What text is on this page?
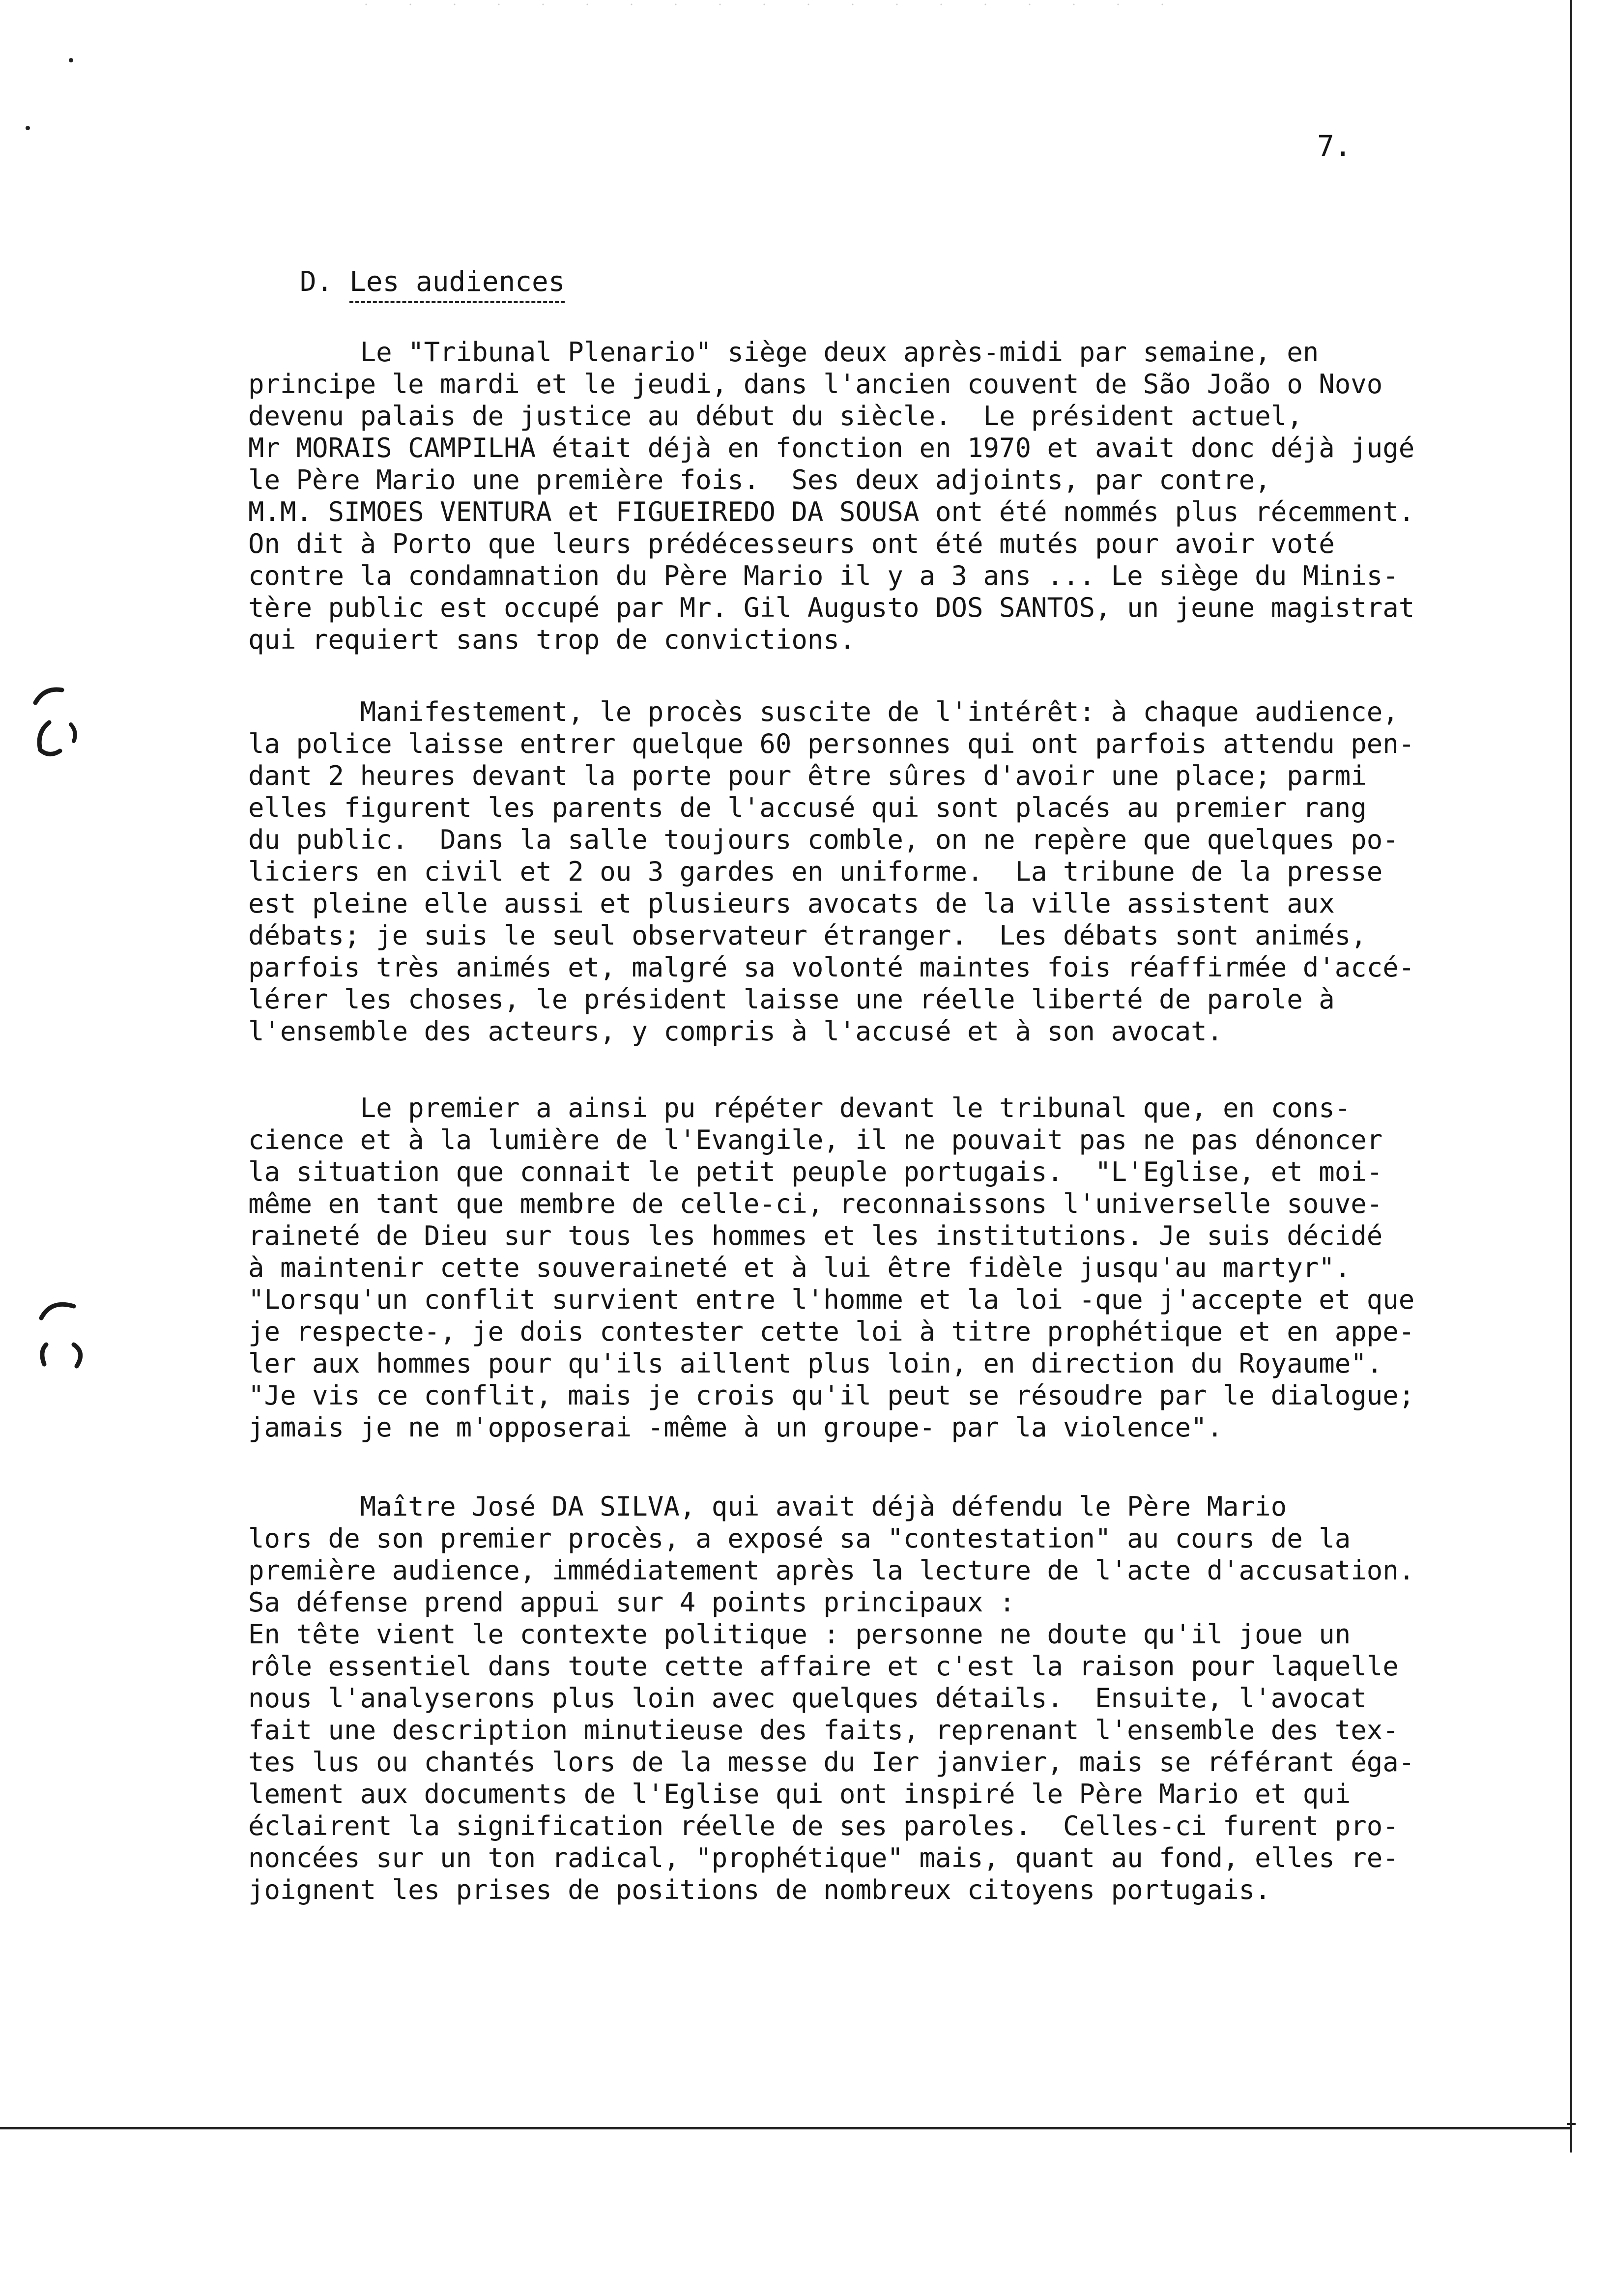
7.
D. Les audiences
Le "Tribunal Plenario" siège deux après-midi par semaine, en
principe le mardi et le jeudi, dans l'ancien couvent de São João o Novo
devenu palais de justice au début du siècle.  Le président actuel,
Mr MORAIS CAMPILHA était déjà en fonction en 1970 et avait donc déjà jugé
le Père Mario une première fois.  Ses deux adjoints, par contre,
M.M. SIMOES VENTURA et FIGUEIREDO DA SOUSA ont été nommés plus récemment.
On dit à Porto que leurs prédécesseurs ont été mutés pour avoir voté
contre la condamnation du Père Mario il y a 3 ans ... Le siège du Minis-
tère public est occupé par Mr. Gil Augusto DOS SANTOS, un jeune magistrat
qui requiert sans trop de convictions.
Manifestement, le procès suscite de l'intérêt: à chaque audience,
la police laisse entrer quelque 60 personnes qui ont parfois attendu pen-
dant 2 heures devant la porte pour être sûres d'avoir une place; parmi
elles figurent les parents de l'accusé qui sont placés au premier rang
du public.  Dans la salle toujours comble, on ne repère que quelques po-
liciers en civil et 2 ou 3 gardes en uniforme.  La tribune de la presse
est pleine elle aussi et plusieurs avocats de la ville assistent aux
débats; je suis le seul observateur étranger.  Les débats sont animés,
parfois très animés et, malgré sa volonté maintes fois réaffirmée d'accé-
lérer les choses, le président laisse une réelle liberté de parole à
l'ensemble des acteurs, y compris à l'accusé et à son avocat.
Le premier a ainsi pu répéter devant le tribunal que, en cons-
cience et à la lumière de l'Evangile, il ne pouvait pas ne pas dénoncer
la situation que connait le petit peuple portugais.  "L'Eglise, et moi-
même en tant que membre de celle-ci, reconnaissons l'universelle souve-
raineté de Dieu sur tous les hommes et les institutions. Je suis décidé
à maintenir cette souveraineté et à lui être fidèle jusqu'au martyr".
"Lorsqu'un conflit survient entre l'homme et la loi -que j'accepte et que
je respecte-, je dois contester cette loi à titre prophétique et en appe-
ler aux hommes pour qu'ils aillent plus loin, en direction du Royaume".
"Je vis ce conflit, mais je crois qu'il peut se résoudre par le dialogue;
jamais je ne m'opposerai -même à un groupe- par la violence".
Maître José DA SILVA, qui avait déjà défendu le Père Mario
lors de son premier procès, a exposé sa "contestation" au cours de la
première audience, immédiatement après la lecture de l'acte d'accusation.
Sa défense prend appui sur 4 points principaux :
En tête vient le contexte politique : personne ne doute qu'il joue un
rôle essentiel dans toute cette affaire et c'est la raison pour laquelle
nous l'analyserons plus loin avec quelques détails.  Ensuite, l'avocat
fait une description minutieuse des faits, reprenant l'ensemble des tex-
tes lus ou chantés lors de la messe du Ier janvier, mais se référant éga-
lement aux documents de l'Eglise qui ont inspiré le Père Mario et qui
éclairent la signification réelle de ses paroles.  Celles-ci furent pro-
noncées sur un ton radical, "prophétique" mais, quant au fond, elles re-
joignent les prises de positions de nombreux citoyens portugais.
